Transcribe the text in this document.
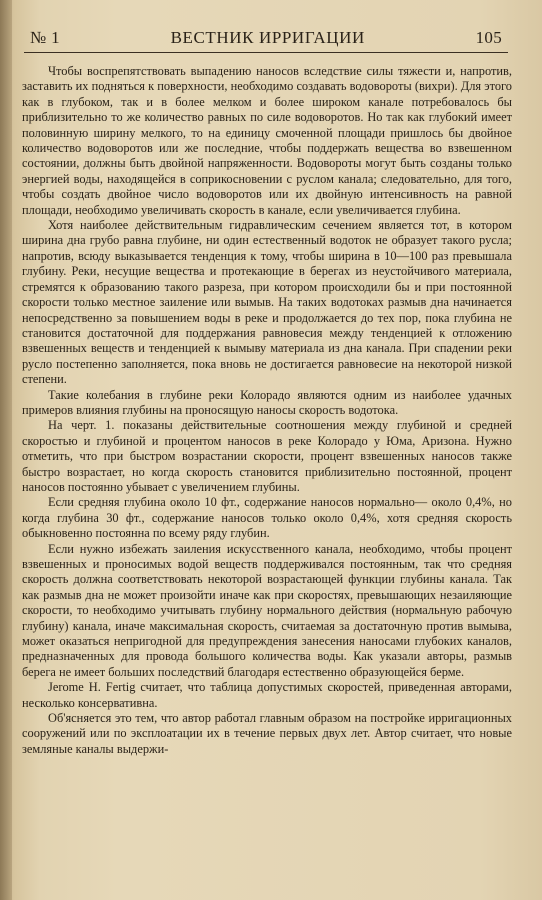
№ 1	ВЕСТНИК ИРРИГАЦИИ	105

Чтобы воспрепятствовать выпадению наносов вследствие силы тяжести и, напротив, заставить их подняться к поверхности, необходимо создавать водовороты (вихри). Для этого как в глубоком, так и в более мелком и более широком канале потребовалось бы приблизительно то же количество равных по силе водоворотов. Но так как глубокий имеет половинную ширину мелкого, то на единицу смоченной площади пришлось бы двойное количество водоворотов или же последние, чтобы поддержать вещества во взвешенном состоянии, должны быть двойной напряженности. Водовороты могут быть созданы только энергией воды, находящейся в соприкосновении с руслом канала; следовательно, для того, чтобы создать двойное число водоворотов или их двойную интенсивность на равной площади, необходимо увеличивать скорость в канале, если увеличивается глубина.

Хотя наиболее действительным гидравлическим сечением является тот, в котором ширина дна грубо равна глубине, ни один естественный водоток не образует такого русла; напротив, всюду выказывается тенденция к тому, чтобы ширина в 10—100 раз превышала глубину. Реки, несущие вещества и протекающие в берегах из неустойчивого материала, стремятся к образованию такого разреза, при котором происходили бы и при постоянной скорости только местное заиление или вымыв. На таких водотоках размыв дна начинается непосредственно за повышением воды в реке и продолжается до тех пор, пока глубина не становится достаточной для поддержания равновесия между тенденцией к отложению взвешенных веществ и тенденцией к вымыву материала из дна канала. При спадении реки русло постепенно заполняется, пока вновь не достигается равновесие на некоторой низкой степени.

Такие колебания в глубине реки Колорадо являются одним из наиболее удачных примеров влияния глубины на проносящую наносы скорость водотока.

На черт. 1. показаны действительные соотношения между глубиной и средней скоростью и глубиной и процентом наносов в реке Колорадо у Юма, Аризона. Нужно отметить, что при быстром возрастании скорости, процент взвешенных наносов также быстро возрастает, но когда скорость становится приблизительно постоянной, процент наносов постоянно убывает с увеличением глубины.

Если средняя глубина около 10 фт., содержание наносов нормально— около 0,4%, но когда глубина 30 фт., содержание наносов только около 0,4%, хотя средняя скорость обыкновенно постоянна по всему ряду глубин.

Если нужно избежать заиления искусственного канала, необходимо, чтобы процент взвешенных и проносимых водой веществ поддерживался постоянным, так что средняя скорость должна соответствовать некоторой возрастающей функции глубины канала. Так как размыв дна не может произойти иначе как при скоростях, превышающих незаиляющие скорости, то необходимо учитывать глубину нормального действия (нормальную рабочую глубину) канала, иначе максимальная скорость, считаемая за достаточную против вымыва, может оказаться непригодной для предупреждения занесения наносами глубоких каналов, предназначенных для провода большого количества воды. Как указали авторы, размыв берега не имеет больших последствий благодаря естественно образующейся берме.

Jerome H. Fertig считает, что таблица допустимых скоростей, приведенная авторами, несколько консервативна.

Об'ясняется это тем, что автор работал главным образом на постройке ирригационных сооружений или по эксплоатации их в течение первых двух лет. Автор считает, что новые земляные каналы выдержи-
